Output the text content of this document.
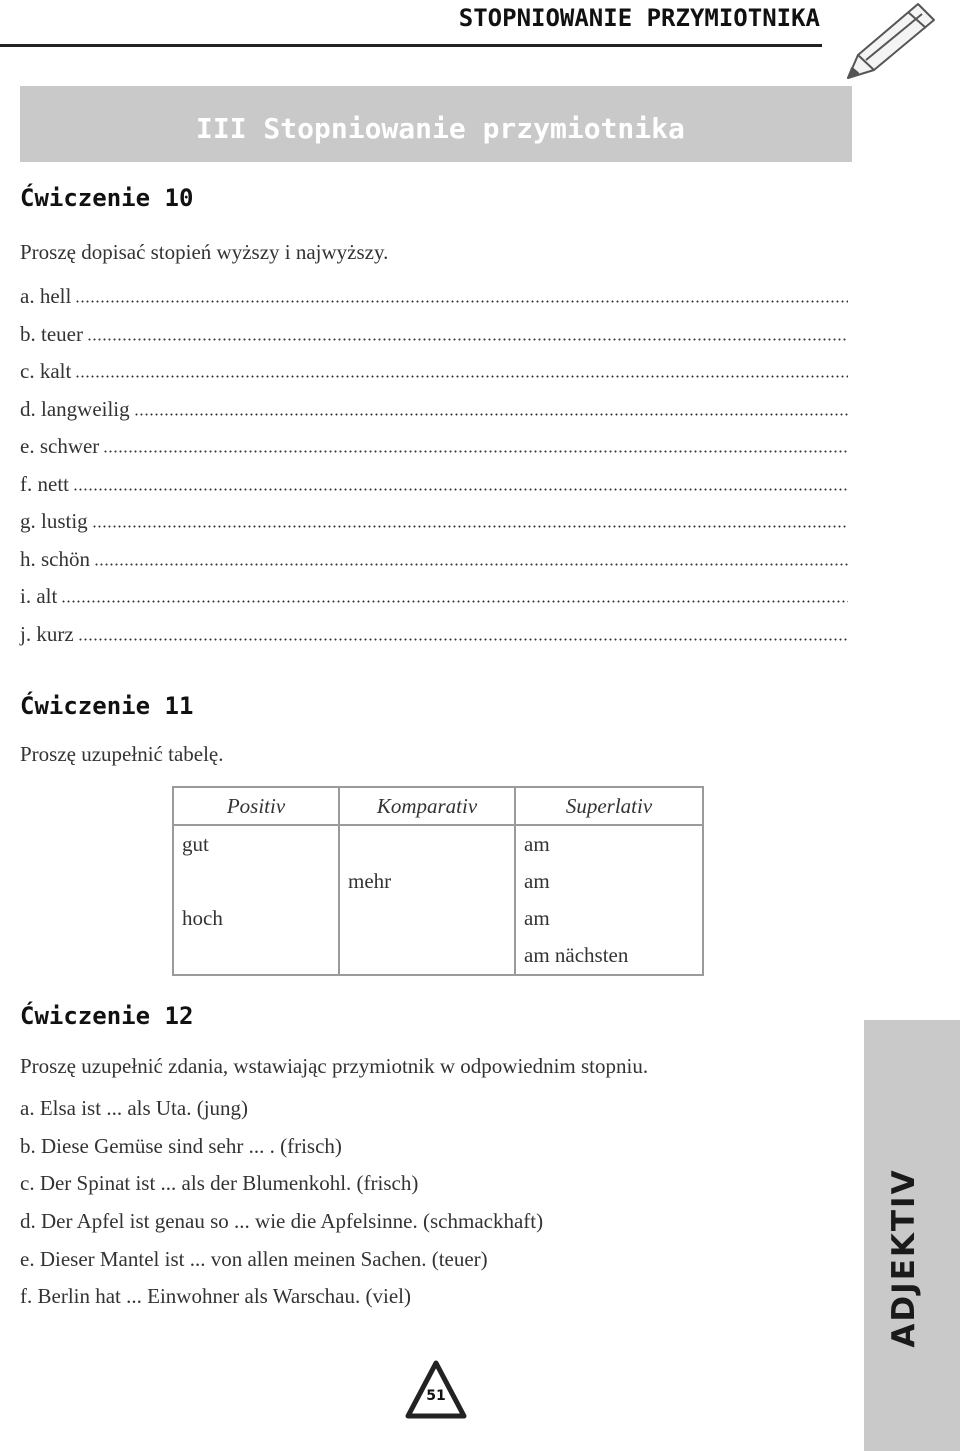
STOPNIOWANIE PRZYMIOTNIKA
III Stopniowanie przymiotnika
Ćwiczenie 10
Proszę dopisać stopień wyższy i najwyższy.
a. hell
b. teuer
c. kalt
d. langweilig
e. schwer
f. nett
g. lustig
h. schön
i. alt
j. kurz
Ćwiczenie 11
Proszę uzupełnić tabelę.
Positiv	Komparativ	Superlativ
gut		am
	mehr	am
hoch		am
		am nächsten
Ćwiczenie 12
Proszę uzupełnić zdania, wstawiając przymiotnik w odpowiednim stopniu.
a. Elsa ist ... als Uta. (jung)
b. Diese Gemüse sind sehr ... . (frisch)
c. Der Spinat ist ... als der Blumenkohl. (frisch)
d. Der Apfel ist genau so ... wie die Apfelsinne. (schmackhaft)
e. Dieser Mantel ist ... von allen meinen Sachen. (teuer)
f. Berlin hat ... Einwohner als Warschau. (viel)	ADJEKTIV
51
